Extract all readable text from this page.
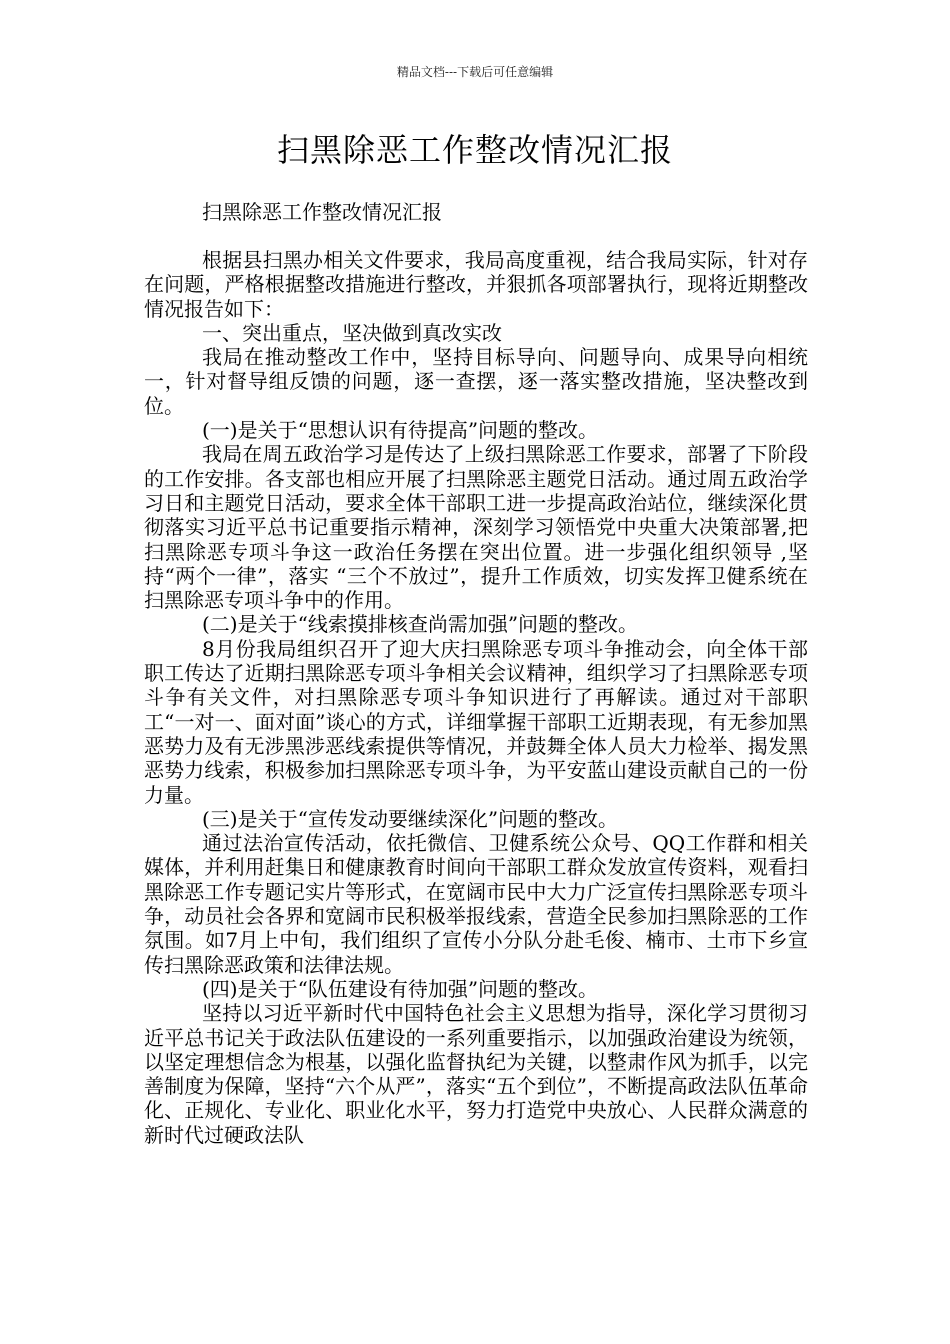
精品文档---下载后可任意编辑
扫黑除恶工作整改情况汇报

扫黑除恶工作整改情况汇报

根据县扫黑办相关文件要求，我局高度重视，结合我局实际，针对存在问题，严格根据整改措施进行整改，并狠抓各项部署执行，现将近期整改情况报告如下：

一、突出重点，坚决做到真改实改

我局在推动整改工作中，坚持目标导向、问题导向、成果导向相统一，针对督导组反馈的问题，逐一查摆，逐一落实整改措施，坚决整改到位。

(一)是关于“思想认识有待提高”问题的整改。

我局在周五政治学习是传达了上级扫黑除恶工作要求，部署了下阶段的工作安排。各支部也相应开展了扫黑除恶主题党日活动。通过周五政治学习日和主题党日活动，要求全体干部职工进一步提高政治站位，继续深化贯彻落实习近平总书记重要指示精神，深刻学习领悟党中央重大决策部署,把扫黑除恶专项斗争这一政治任务摆在突出位置。进一步强化组织领导 ,坚持“两个一律”，落实 “三个不放过”，提升工作质效，切实发挥卫健系统在扫黑除恶专项斗争中的作用。

(二)是关于“线索摸排核查尚需加强”问题的整改。

8月份我局组织召开了迎大庆扫黑除恶专项斗争推动会，向全体干部职工传达了近期扫黑除恶专项斗争相关会议精神，组织学习了扫黑除恶专项斗争有关文件，对扫黑除恶专项斗争知识进行了再解读。通过对干部职工“一对一、面对面”谈心的方式，详细掌握干部职工近期表现，有无参加黑恶势力及有无涉黑涉恶线索提供等情况，并鼓舞全体人员大力检举、揭发黑恶势力线索，积极参加扫黑除恶专项斗争，为平安蓝山建设贡献自己的一份力量。

(三)是关于“宣传发动要继续深化”问题的整改。

通过法治宣传活动，依托微信、卫健系统公众号、QQ工作群和相关媒体，并利用赶集日和健康教育时间向干部职工群众发放宣传资料，观看扫黑除恶工作专题记实片等形式，在宽阔市民中大力广泛宣传扫黑除恶专项斗争，动员社会各界和宽阔市民积极举报线索，营造全民参加扫黑除恶的工作氛围。如7月上中旬，我们组织了宣传小分队分赴毛俊、楠市、土市下乡宣传扫黑除恶政策和法律法规。

(四)是关于“队伍建设有待加强”问题的整改。

坚持以习近平新时代中国特色社会主义思想为指导，深化学习贯彻习近平总书记关于政法队伍建设的一系列重要指示，以加强政治建设为统领，以坚定理想信念为根基，以强化监督执纪为关键，以整肃作风为抓手，以完善制度为保障，坚持“六个从严”，落实“五个到位”，不断提高政法队伍革命化、正规化、专业化、职业化水平，努力打造党中央放心、人民群众满意的新时代过硬政法队
